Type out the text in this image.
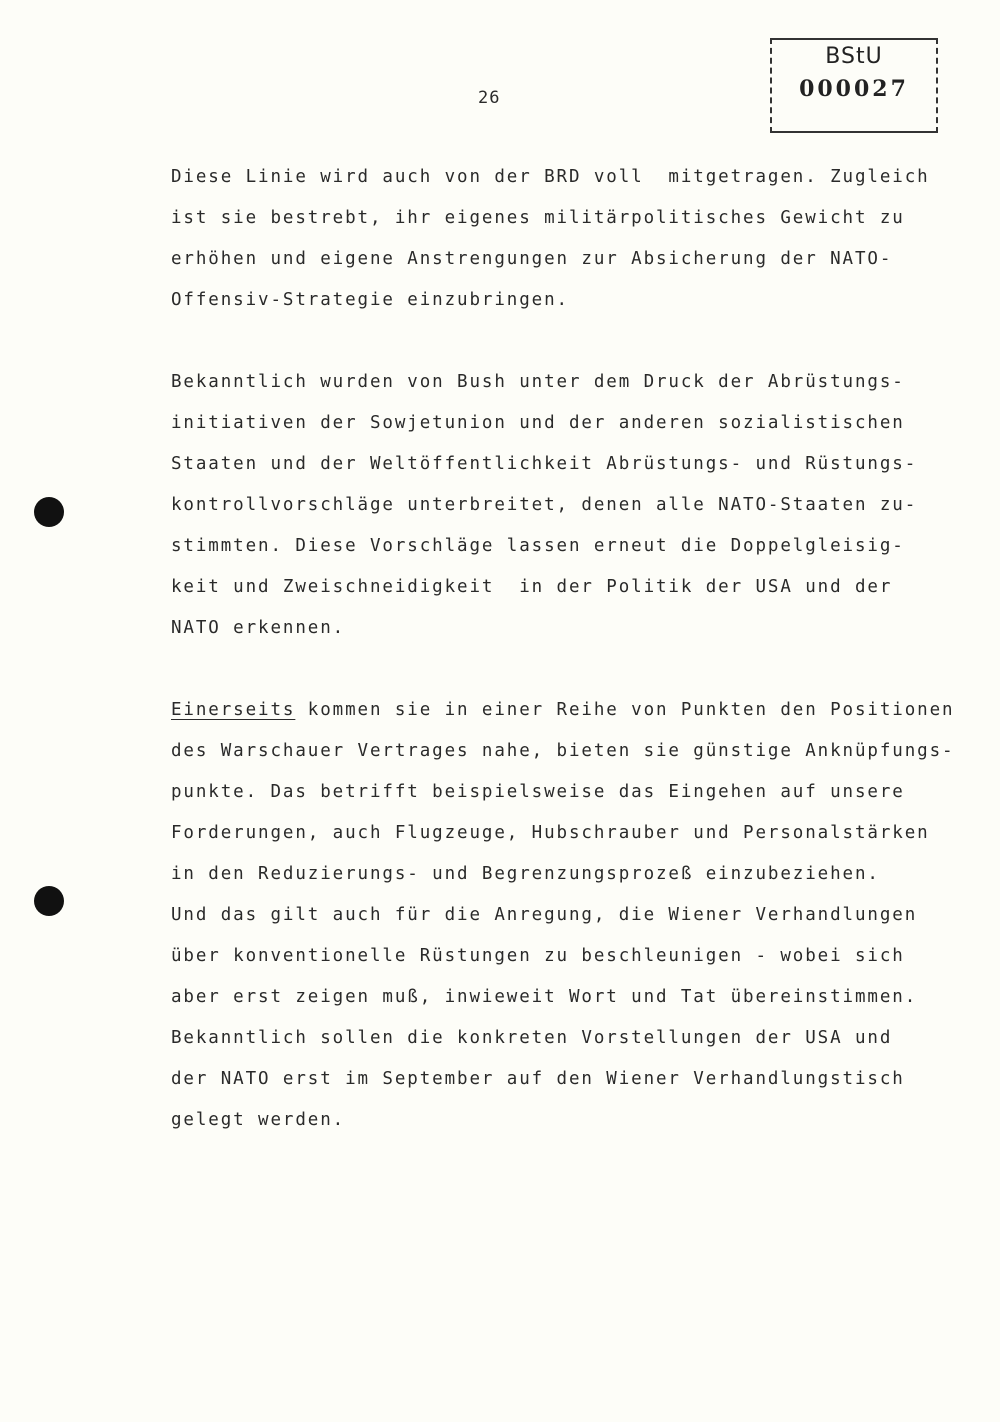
BStU
000027
26
Diese Linie wird auch von der BRD voll  mitgetragen. Zugleich
ist sie bestrebt, ihr eigenes militärpolitisches Gewicht zu
erhöhen und eigene Anstrengungen zur Absicherung der NATO-
Offensiv-Strategie einzubringen.
Bekanntlich wurden von Bush unter dem Druck der Abrüstungs-
initiativen der Sowjetunion und der anderen sozialistischen
Staaten und der Weltöffentlichkeit Abrüstungs- und Rüstungs-
kontrollvorschläge unterbreitet, denen alle NATO-Staaten zu-
stimmten. Diese Vorschläge lassen erneut die Doppelgleisig-
keit und Zweischneidigkeit  in der Politik der USA und der
NATO erkennen.
Einerseits kommen sie in einer Reihe von Punkten den Positionen
des Warschauer Vertrages nahe, bieten sie günstige Anknüpfungs-
punkte. Das betrifft beispielsweise das Eingehen auf unsere
Forderungen, auch Flugzeuge, Hubschrauber und Personalstärken
in den Reduzierungs- und Begrenzungsprozeß einzubeziehen.
Und das gilt auch für die Anregung, die Wiener Verhandlungen
über konventionelle Rüstungen zu beschleunigen - wobei sich
aber erst zeigen muß, inwieweit Wort und Tat übereinstimmen.
Bekanntlich sollen die konkreten Vorstellungen der USA und
der NATO erst im September auf den Wiener Verhandlungstisch
gelegt werden.
